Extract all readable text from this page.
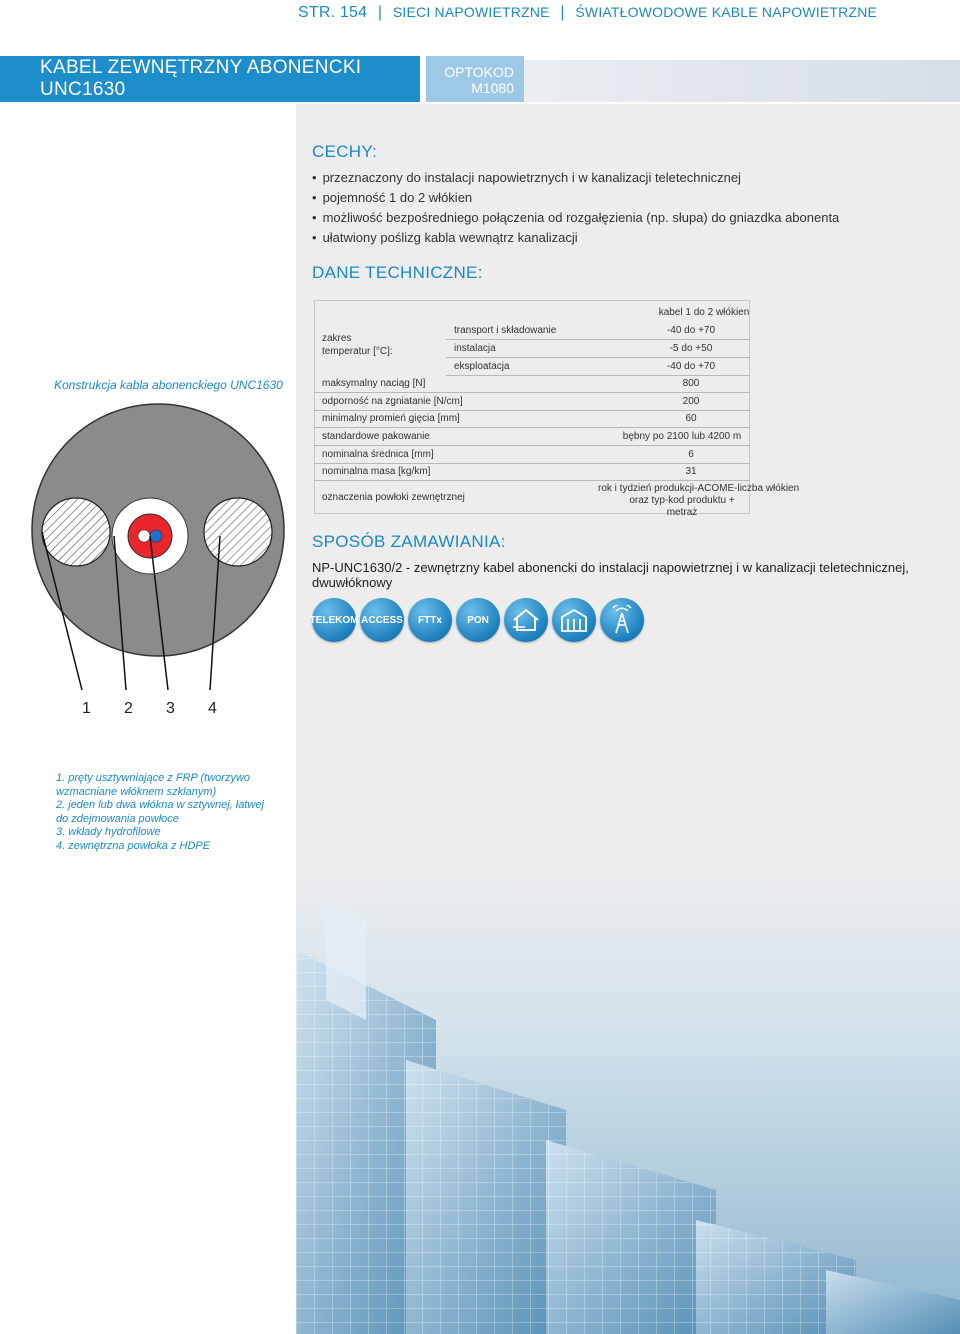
STR. 154 | SIECI NAPOWIETRZNE | ŚWIATŁOWODOWE KABLE NAPOWIETRZNE
KABEL ZEWNĘTRZNY ABONENCKI UNC1630
OPTOKOD
M1080
CECHY:
• przeznaczony do instalacji napowietrznych i w kanalizacji teletechnicznej
• pojemność 1 do 2 włókien
• możliwość bezpośredniego połączenia od rozgałęzienia (np. słupa) do gniazdka abonenta
• ułatwiony poślizg kabla wewnątrz kanalizacji
DANE TECHNICZNE:
kabel 1 do 2 włókien
zakres
temperatur [°C]:
transport i składowanie	-40 do +70
instalacja	-5 do +50
eksploatacja	-40 do +70
maksymalny naciąg [N]	800
odporność na zgniatanie [N/cm]	200
minimalny promień gięcia [mm]	60
standardowe pakowanie	bębny po 2100 lub 4200 m
nominalna średnica [mm]	6
nominalna masa [kg/km]	31
oznaczenia powłoki zewnętrznej
rok i tydzień produkcji-ACOME-liczba włókien
oraz typ-kod produktu + metraż
Konstrukcja kabla abonenckiego UNC1630
1 2 3 4
SPOSÓB ZAMAWIANIA:
NP-UNC1630/2 - zewnętrzny kabel abonencki do instalacji napowietrznej i w kanalizacji teletechnicznej, dwuwłóknowy
TELEKOM ACCESS FTTx	PON
1. pręty usztywniające z FRP (tworzywo wzmacniane włóknem szklanym)
2. jeden lub dwa włókna w sztywnej, łatwej do zdejmowania powłoce
3. wkłady hydrofilowe
4. zewnętrzna powłoka z HDPE
